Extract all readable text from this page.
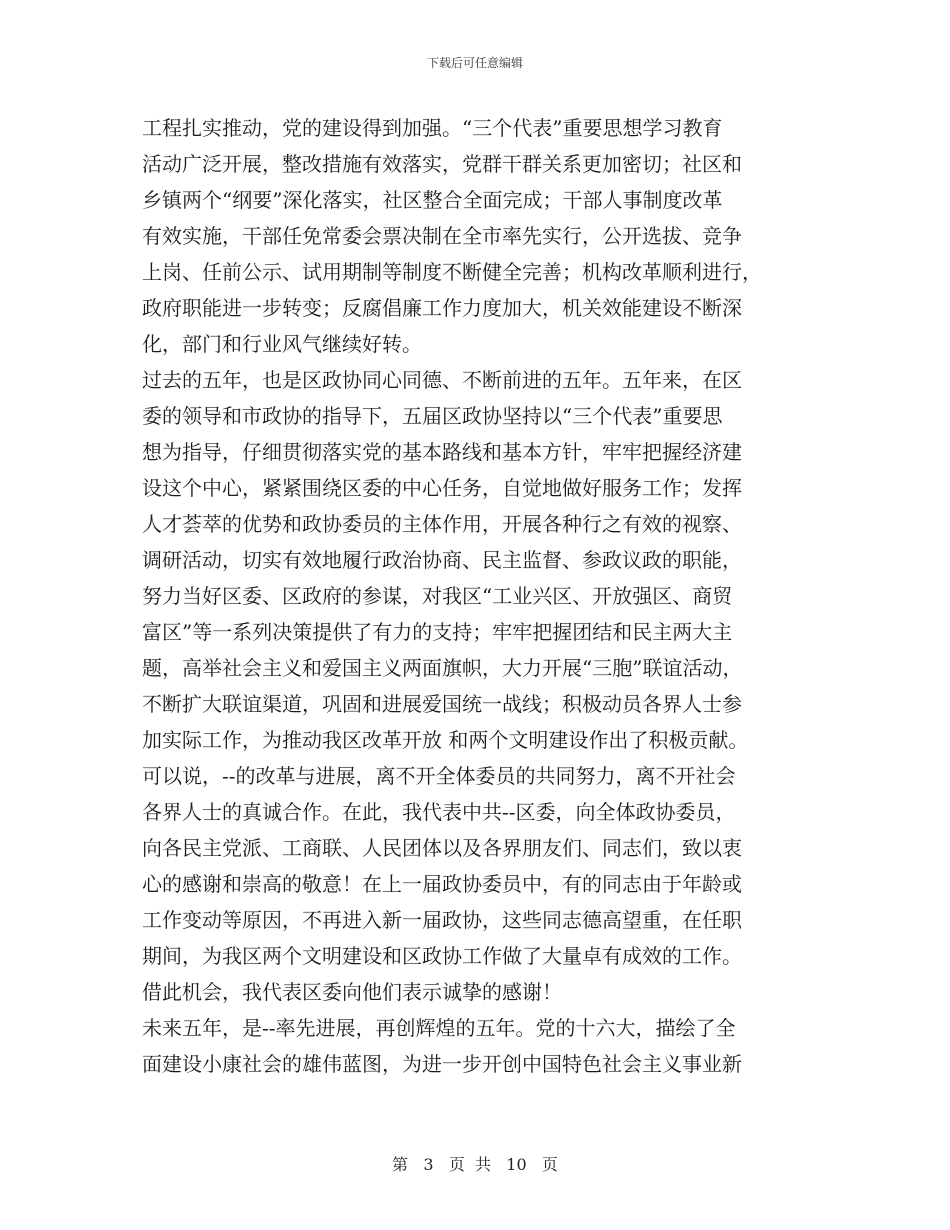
下载后可任意编辑
工程扎实推动，党的建设得到加强。“三个代表”重要思想学习教育
活动广泛开展，整改措施有效落实，党群干群关系更加密切；社区和
乡镇两个“纲要”深化落实，社区整合全面完成；干部人事制度改革
有效实施，干部任免常委会票决制在全市率先实行，公开选拔、竞争
上岗、任前公示、试用期制等制度不断健全完善；机构改革顺利进行，
政府职能进一步转变；反腐倡廉工作力度加大，机关效能建设不断深
化，部门和行业风气继续好转。
过去的五年，也是区政协同心同德、不断前进的五年。五年来，在区
委的领导和市政协的指导下，五届区政协坚持以“三个代表”重要思
想为指导，仔细贯彻落实党的基本路线和基本方针，牢牢把握经济建
设这个中心，紧紧围绕区委的中心任务，自觉地做好服务工作；发挥
人才荟萃的优势和政协委员的主体作用，开展各种行之有效的视察、
调研活动，切实有效地履行政治协商、民主监督、参政议政的职能，
努力当好区委、区政府的参谋，对我区“工业兴区、开放强区、商贸
富区”等一系列决策提供了有力的支持；牢牢把握团结和民主两大主
题，高举社会主义和爱国主义两面旗帜，大力开展“三胞”联谊活动，
不断扩大联谊渠道，巩固和进展爱国统一战线；积极动员各界人士参
加实际工作，为推动我区改革开放 和两个文明建设作出了积极贡献。
可以说，--的改革与进展，离不开全体委员的共同努力，离不开社会
各界人士的真诚合作。在此，我代表中共--区委，向全体政协委员，
向各民主党派、工商联、人民团体以及各界朋友们、同志们，致以衷
心的感谢和崇高的敬意！在上一届政协委员中，有的同志由于年龄或
工作变动等原因，不再进入新一届政协，这些同志德高望重，在任职
期间，为我区两个文明建设和区政协工作做了大量卓有成效的工作。
借此机会，我代表区委向他们表示诚挚的感谢！
未来五年，是--率先进展，再创辉煌的五年。党的十六大，描绘了全
面建设小康社会的雄伟蓝图，为进一步开创中国特色社会主义事业新
第 3 页  共 10 页
